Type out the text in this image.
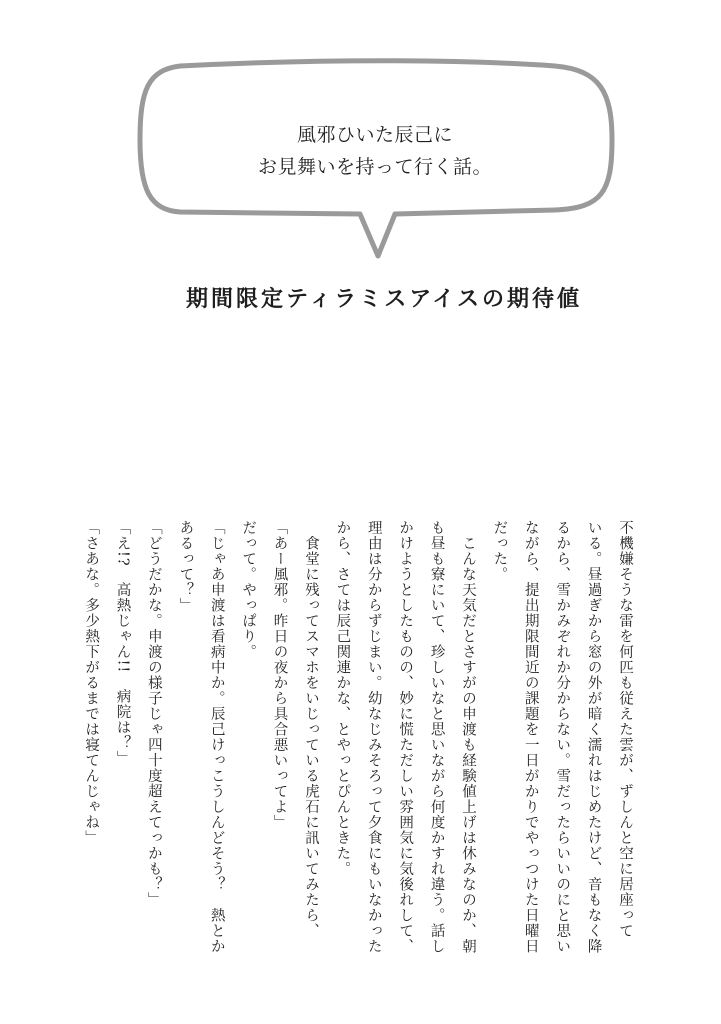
風邪ひいた辰己に
お見舞いを持って行く話。
期間限定ティラミスアイスの期待値
不機嫌そうな雷を何匹も従えた雲が、ずしんと空に居座って
いる。昼過ぎから窓の外が暗く濡れはじめたけど、音もなく降
るから、雪かみぞれか分からない。雪だったらいいのにと思い
ながら、提出期限間近の課題を一日がかりでやっつけた日曜日
だった。
　こんな天気だとさすがの申渡も経験値上げは休みなのか、朝
も昼も寮にいて、珍しいなと思いながら何度かすれ違う。話し
かけようとしたものの、妙に慌ただしい雰囲気に気後れして、
理由は分からずじまい。幼なじみそろって夕食にもいなかった
から、さては辰己関連かな、とやっとぴんときた。
　食堂に残ってスマホをいじっている虎石に訊いてみたら、
「あー風邪。昨日の夜から具合悪いってよ」
だって。やっぱり。
「じゃあ申渡は看病中か。辰己けっこうしんどそう？　熱とか
あるって？」
「どうだかな。申渡の様子じゃ四十度超えてっかも？」
「え!?　高熱じゃん!!　病院は？」
「さあな。多少熱下がるまでは寝てんじゃね」
